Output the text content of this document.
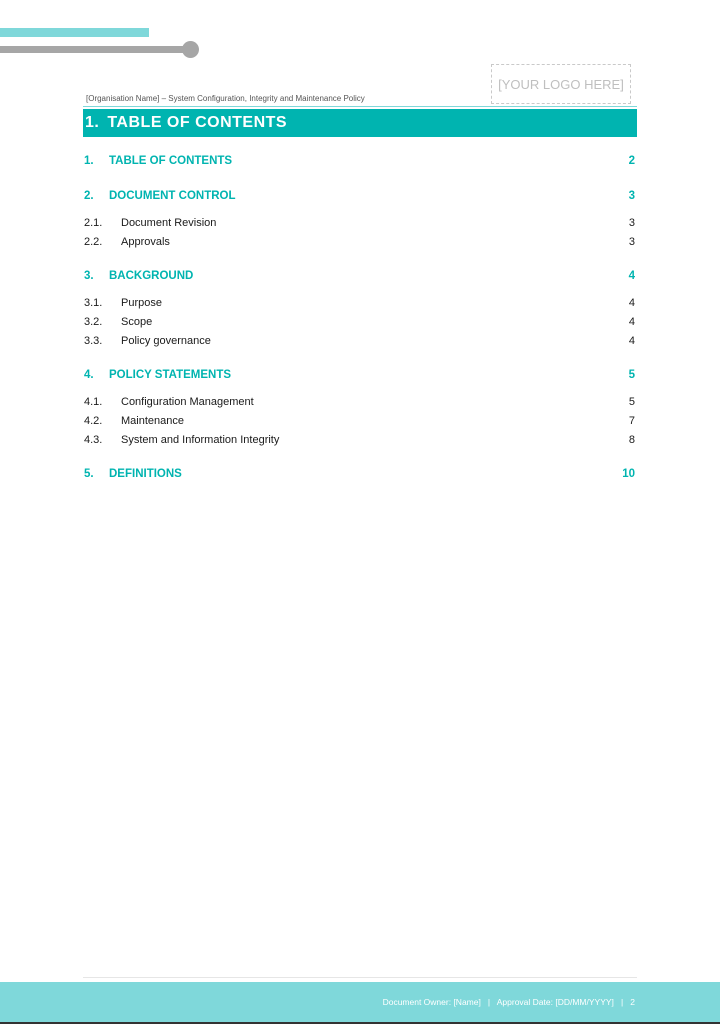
[YOUR LOGO HERE]
[Organisation Name] – System Configuration, Integrity and Maintenance Policy
1. TABLE OF CONTENTS
1.	TABLE OF CONTENTS	2
2.	DOCUMENT CONTROL	3
2.1.	Document Revision	3
2.2.	Approvals	3
3.	BACKGROUND	4
3.1.	Purpose	4
3.2.	Scope	4
3.3.	Policy governance	4
4.	POLICY STATEMENTS	5
4.1.	Configuration Management	5
4.2.	Maintenance	7
4.3.	System and Information Integrity	8
5.	DEFINITIONS	10
Document Owner: [Name]   |   Approval Date: [DD/MM/YYYY]   |   2
